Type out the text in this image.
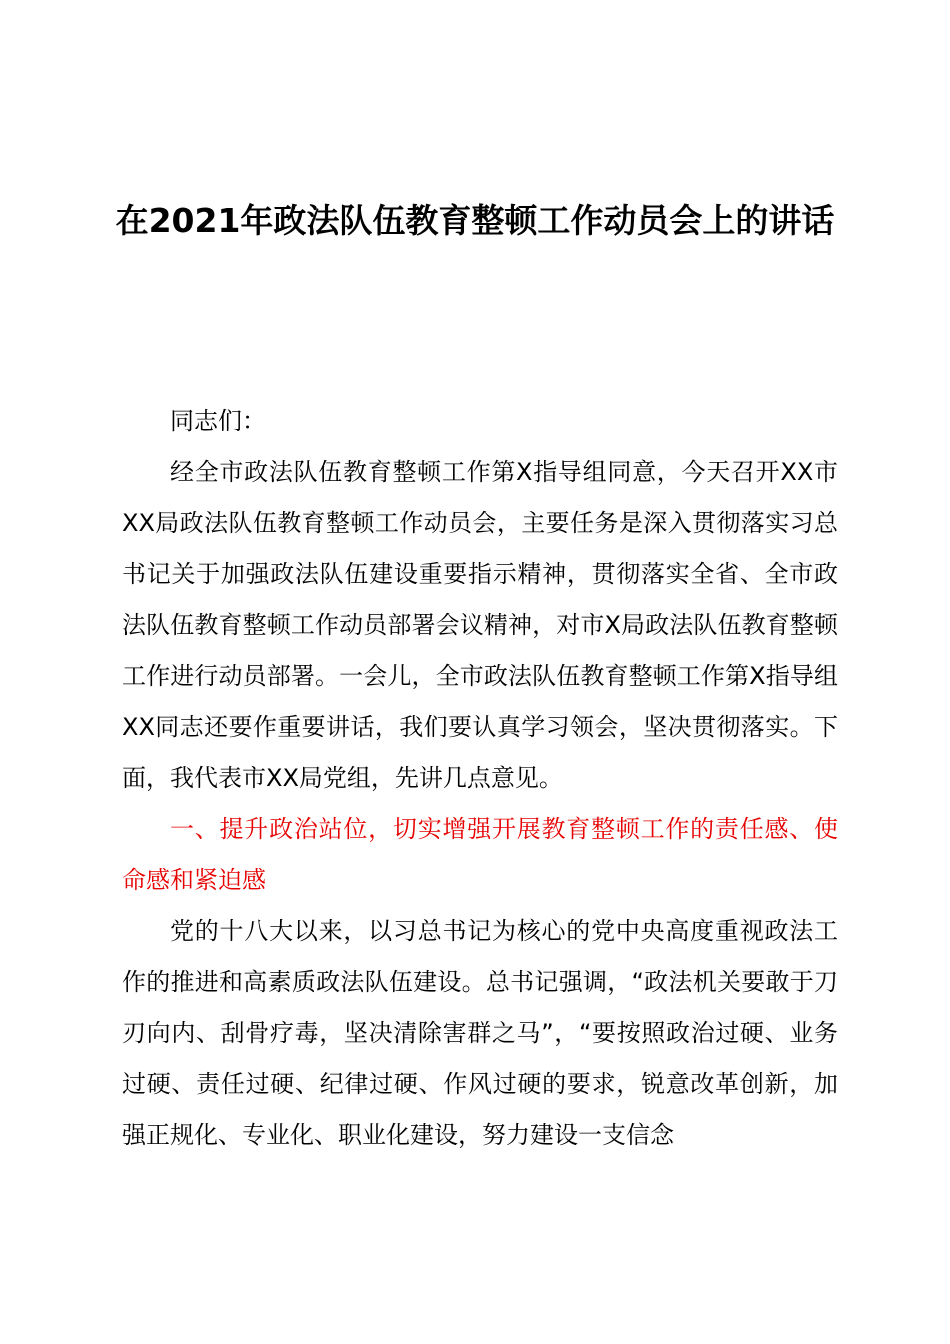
在2021年政法队伍教育整顿工作动员会上的讲话

同志们：

经全市政法队伍教育整顿工作第X指导组同意，今天召开XX市XX局政法队伍教育整顿工作动员会，主要任务是深入贯彻落实习总书记关于加强政法队伍建设重要指示精神，贯彻落实全省、全市政法队伍教育整顿工作动员部署会议精神，对市X局政法队伍教育整顿工作进行动员部署。一会儿，全市政法队伍教育整顿工作第X指导组XX同志还要作重要讲话，我们要认真学习领会，坚决贯彻落实。下面，我代表市XX局党组，先讲几点意见。

一、提升政治站位，切实增强开展教育整顿工作的责任感、使命感和紧迫感

党的十八大以来，以习总书记为核心的党中央高度重视政法工作的推进和高素质政法队伍建设。总书记强调，“政法机关要敢于刀刃向内、刮骨疗毒，坚决清除害群之马”，“要按照政治过硬、业务过硬、责任过硬、纪律过硬、作风过硬的要求，锐意改革创新，加强正规化、专业化、职业化建设，努力建设一支信念
